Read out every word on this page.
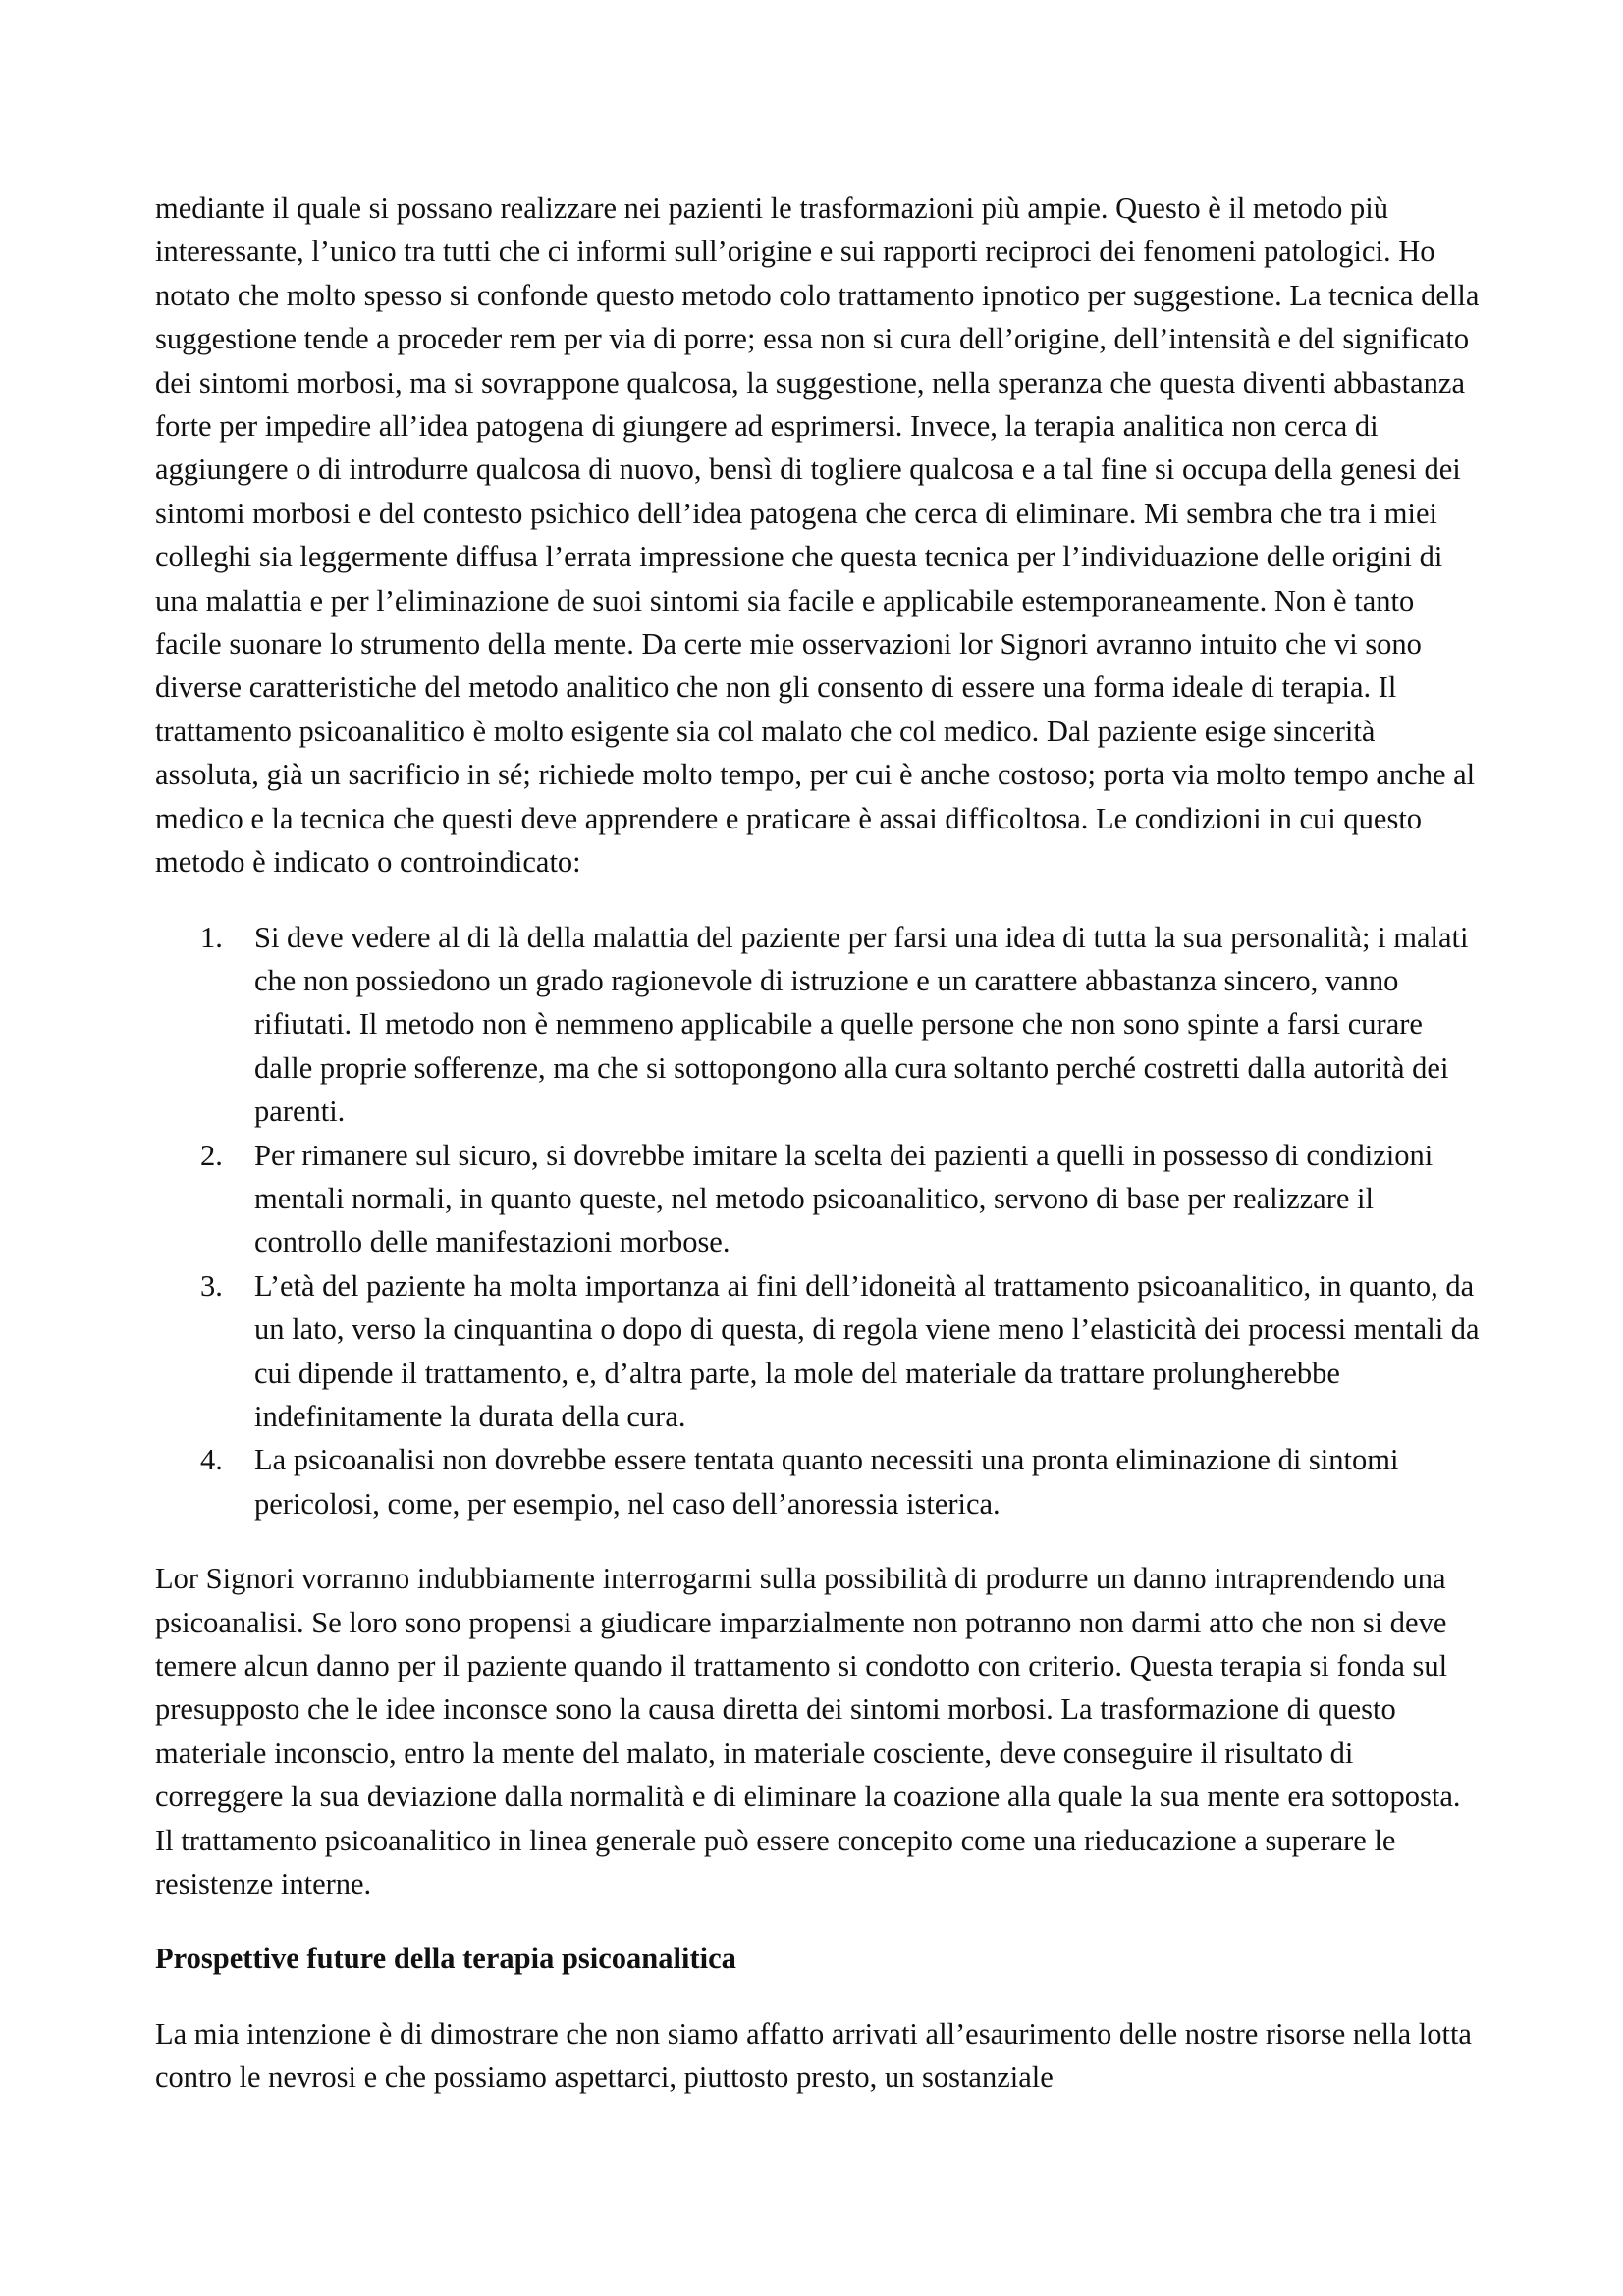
mediante il quale si possano realizzare nei pazienti le trasformazioni più ampie. Questo è il metodo più interessante, l’unico tra tutti che ci informi sull’origine e sui rapporti reciproci dei fenomeni patologici. Ho notato che molto spesso si confonde questo metodo colo trattamento ipnotico per suggestione. La tecnica della suggestione tende a proceder rem per via di porre; essa non si cura dell’origine, dell’intensità e del significato dei sintomi morbosi, ma si sovrappone qualcosa, la suggestione, nella speranza che questa diventi abbastanza forte per impedire all’idea patogena di giungere ad esprimersi. Invece, la terapia analitica non cerca di aggiungere o di introdurre qualcosa di nuovo, bensì di togliere qualcosa e a tal fine si occupa della genesi dei sintomi morbosi e del contesto psichico dell’idea patogena che cerca di eliminare. Mi sembra che tra i miei colleghi sia leggermente diffusa l’errata impressione che questa tecnica per l’individuazione delle origini di una malattia e per l’eliminazione de suoi sintomi sia facile e applicabile estemporaneamente. Non è tanto facile suonare lo strumento della mente. Da certe mie osservazioni lor Signori avranno intuito che vi sono diverse caratteristiche del metodo analitico che non gli consento di essere una forma ideale di terapia. Il trattamento psicoanalitico è molto esigente sia col malato che col medico. Dal paziente esige sincerità assoluta, già un sacrificio in sé; richiede molto tempo, per cui è anche costoso; porta via molto tempo anche al medico e la tecnica che questi deve apprendere e praticare è assai difficoltosa. Le condizioni in cui questo metodo è indicato o controindicato:

1. Si deve vedere al di là della malattia del paziente per farsi una idea di tutta la sua personalità; i malati che non possiedono un grado ragionevole di istruzione e un carattere abbastanza sincero, vanno rifiutati. Il metodo non è nemmeno applicabile a quelle persone che non sono spinte a farsi curare dalle proprie sofferenze, ma che si sottopongono alla cura soltanto perché costretti dalla autorità dei parenti.
2. Per rimanere sul sicuro, si dovrebbe imitare la scelta dei pazienti a quelli in possesso di condizioni mentali normali, in quanto queste, nel metodo psicoanalitico, servono di base per realizzare il controllo delle manifestazioni morbose.
3. L’età del paziente ha molta importanza ai fini dell’idoneità al trattamento psicoanalitico, in quanto, da un lato, verso la cinquantina o dopo di questa, di regola viene meno l’elasticità dei processi mentali da cui dipende il trattamento, e, d’altra parte, la mole del materiale da trattare prolungherebbe indefinitamente la durata della cura.
4. La psicoanalisi non dovrebbe essere tentata quanto necessiti una pronta eliminazione di sintomi pericolosi, come, per esempio, nel caso dell’anoressia isterica.

Lor Signori vorranno indubbiamente interrogarmi sulla possibilità di produrre un danno intraprendendo una psicoanalisi. Se loro sono propensi a giudicare imparzialmente non potranno non darmi atto che non si deve temere alcun danno per il paziente quando il trattamento si condotto con criterio. Questa terapia si fonda sul presupposto che le idee inconsce sono la causa diretta dei sintomi morbosi. La trasformazione di questo materiale inconscio, entro la mente del malato, in materiale cosciente, deve conseguire il risultato di correggere la sua deviazione dalla normalità e di eliminare la coazione alla quale la sua mente era sottoposta. Il trattamento psicoanalitico in linea generale può essere concepito come una rieducazione a superare le resistenze interne.

Prospettive future della terapia psicoanalitica

La mia intenzione è di dimostrare che non siamo affatto arrivati all’esaurimento delle nostre risorse nella lotta contro le nevrosi e che possiamo aspettarci, piuttosto presto, un sostanziale
